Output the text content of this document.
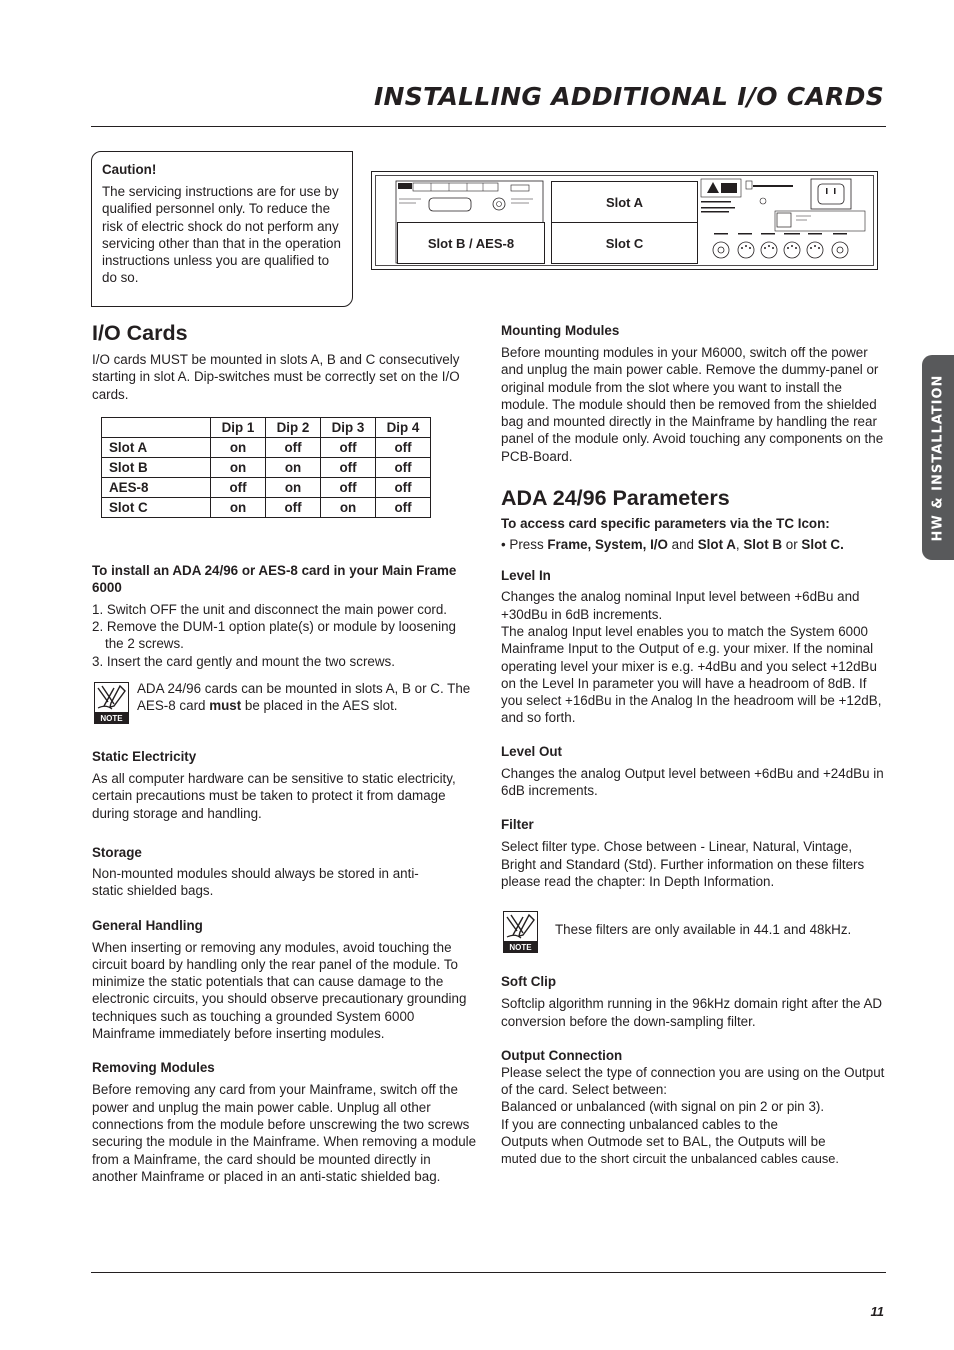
INSTALLING ADDITIONAL I/O CARDS

Caution!

The servicing instructions are for use by qualified personnel only. To reduce the risk of electric shock do not perform any servicing other than that in the operation instructions unless you are qualified to do so.

Slot A
Slot C
Slot B / AES-8
HW & INSTALLATION
I/O Cards

I/O cards MUST be mounted in slots A, B and C consecutively starting in slot A. Dip-switches must be correctly set on the I/O cards.

	Dip 1	Dip 2	Dip 3	Dip 4
Slot A	on	off	off	off
Slot B	on	on	off	off
AES-8	off	on	off	off
Slot C	on	off	on	off

To install an ADA 24/96 or AES-8 card in your Main Frame 6000

1. Switch OFF the unit and disconnect the main power cord.
2. Remove the DUM-1 option plate(s) or module by loosening the 2 screws.
3. Insert the card gently and mount the two screws.
NOTE

ADA 24/96 cards can be mounted in slots A, B or C. The AES-8 card must be placed in the AES slot.

Static Electricity

As all computer hardware can be sensitive to static electricity, certain precautions must be taken to protect it from damage during storage and handling.

Storage

Non-mounted modules should always be stored in anti-static shielded bags.

General Handling

When inserting or removing any modules, avoid touching the circuit board by handling only the rear panel of the module. To minimize the static potentials that can cause damage to the electronic circuits, you should observe precautionary grounding techniques such as touching a grounded System 6000 Mainframe immediately before inserting modules.

Removing Modules

Before removing any card from your Mainframe, switch off the power and unplug the main power cable. Unplug all other connections from the module before unscrewing the two screws securing the module in the Mainframe. When removing a module from a Mainframe, the card should be mounted directly in another Mainframe or placed in an anti-static shielded bag.

Mounting Modules

Before mounting modules in your M6000, switch off the power and unplug the main power cable. Remove the dummy-panel or original module from the slot where you want to install the module. The module should then be removed from the shielded bag and mounted directly in the Mainframe by handling the rear panel of the module only. Avoid touching any components on the PCB-Board.

ADA 24/96 Parameters

To access card specific parameters via the TC Icon:

• Press Frame, System, I/O and Slot A, Slot B or Slot C.

Level In

Changes the analog nominal Input level between +6dBu and +30dBu in 6dB increments.

The analog Input level enables you to match the System 6000 Mainframe Input to the Output of e.g. your mixer. If the nominal operating level your mixer is e.g. +4dBu and you select +12dBu on the Level In parameter you will have a headroom of 8dB. If you select +16dBu in the Analog In the headroom will be +12dB, and so forth.

Level Out

Changes the analog Output level between +6dBu and +24dBu in 6dB increments.

Filter

Select filter type. Chose between - Linear, Natural, Vintage, Bright and Standard (Std). Further information on these filters please read the chapter: In Depth Information.

NOTE

These filters are only available in 44.1 and 48kHz.

Soft Clip

Softclip algorithm running in the 96kHz domain right after the AD conversion before the down-sampling filter.

Output Connection

Please select the type of connection you are using on the Output of the card. Select between:

Balanced or unbalanced (with signal on pin 2 or pin 3).

If you are connecting unbalanced cables to the

Outputs when Outmode set to BAL, the Outputs will be

muted due to the short circuit the unbalanced cables cause.

11
